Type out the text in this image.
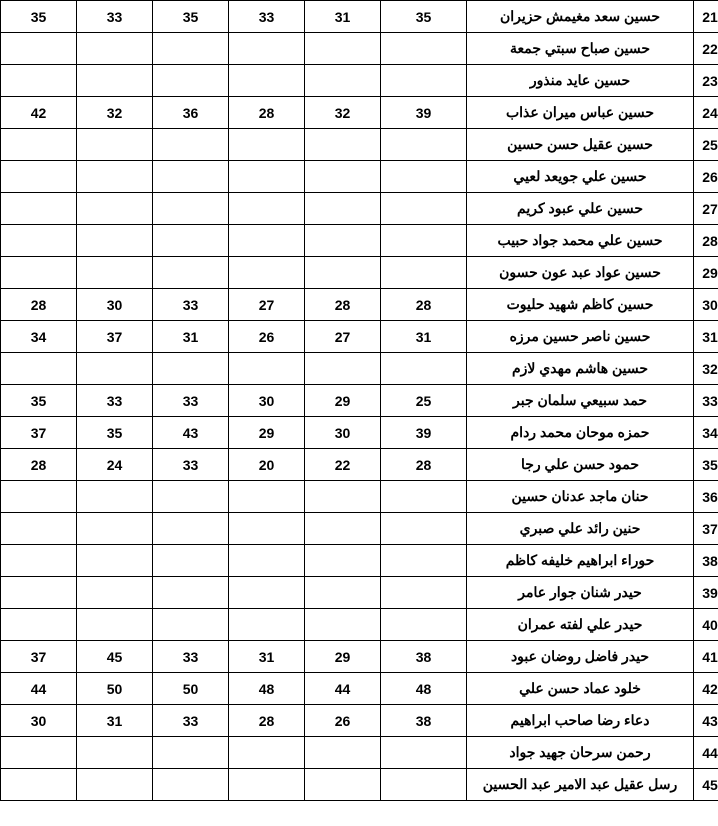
35	33	35	33	31	35	حسين سعد مغيمش حزيران	21
						حسين صباح سبتي جمعة	22
						حسين عايد منذور	23
42	32	36	28	32	39	حسين عباس ميران عذاب	24
						حسين عقيل حسن حسين	25
						حسين علي جويعد لعيي	26
						حسين علي عبود كريم	27
						حسين علي محمد جواد حبيب	28
						حسين عواد عبد عون حسون	29
28	30	33	27	28	28	حسين كاظم شهيد حليوت	30
34	37	31	26	27	31	حسين ناصر حسين مرزه	31
						حسين هاشم مهدي لازم	32
35	33	33	30	29	25	حمد سبيعي سلمان جبر	33
37	35	43	29	30	39	حمزه موحان محمد ردام	34
28	24	33	20	22	28	حمود حسن علي رجا	35
						حنان ماجد عدنان حسين	36
						حنين رائد علي صبري	37
						حوراء ابراهيم خليفه كاظم	38
						حيدر شنان جوار عامر	39
						حيدر علي لفته عمران	40
37	45	33	31	29	38	حيدر فاضل روضان عبود	41
44	50	50	48	44	48	خلود عماد حسن علي	42
30	31	33	28	26	38	دعاء رضا صاحب ابراهيم	43
						رحمن سرحان جهيد جواد	44
						رسل عقيل عبد الامير عبد الحسين	45
